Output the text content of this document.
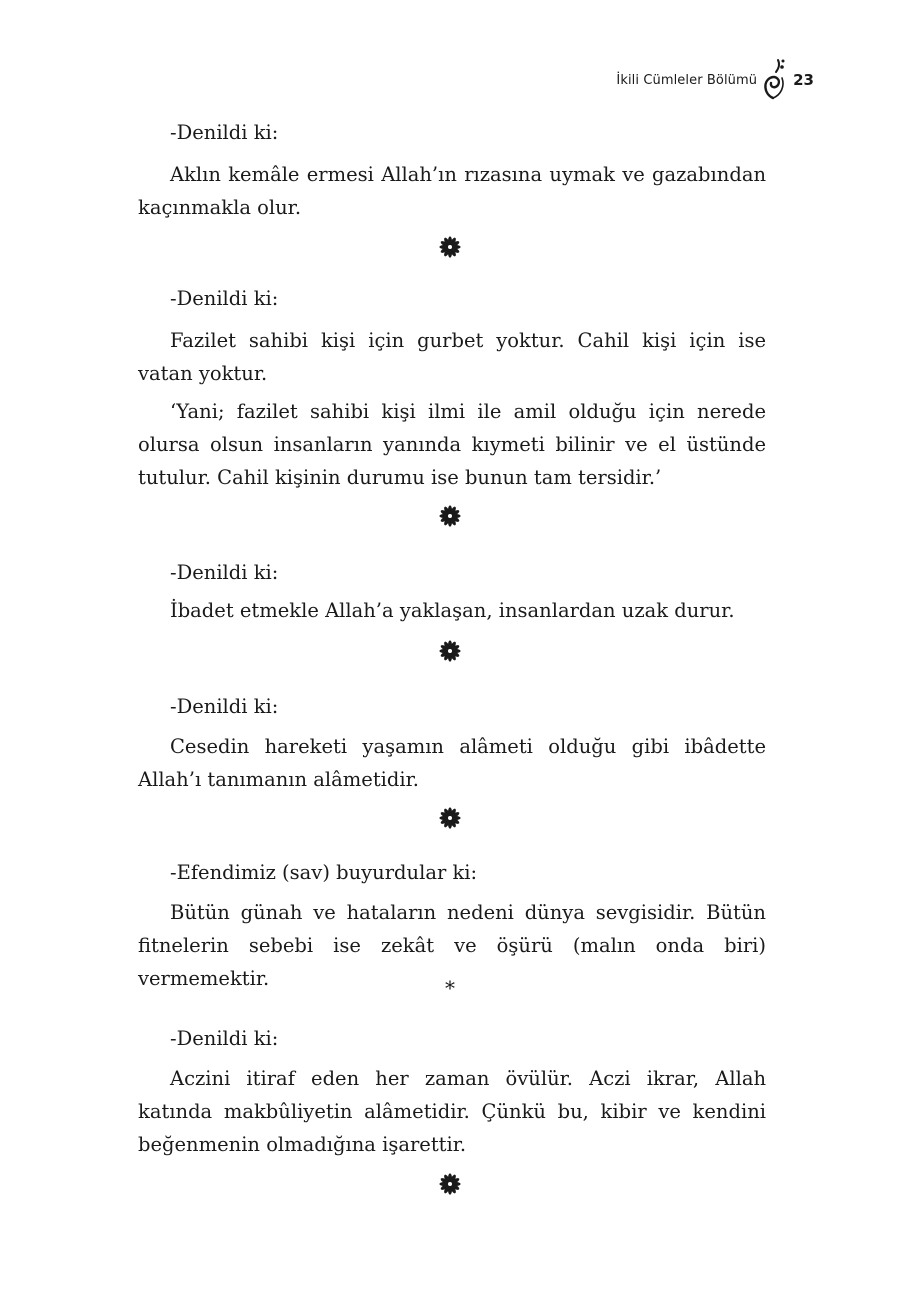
İkili Cümleler Bölümü 23
-Denildi ki:

Aklın kemâle ermesi Allah’ın rızasına uymak ve gazabından kaçınmakla olur.

-Denildi ki:

Fazilet sahibi kişi için gurbet yoktur. Cahil kişi için ise vatan yoktur.

‘Yani; fazilet sahibi kişi ilmi ile amil olduğu için nerede olursa olsun insanların yanında kıymeti bilinir ve el üstünde tutulur. Cahil kişinin durumu ise bunun tam tersidir.’

-Denildi ki:

İbadet etmekle Allah’a yaklaşan, insanlardan uzak durur.

-Denildi ki:

Cesedin hareketi yaşamın alâmeti olduğu gibi ibâdette Allah’ı tanımanın alâmetidir.

-Efendimiz (sav) buyurdular ki:

Bütün günah ve hataların nedeni dünya sevgisidir. Bütün fitnelerin sebebi ise zekât ve öşürü (malın onda biri) vermemektir.	*
-Denildi ki:

Aczini itiraf eden her zaman övülür. Aczi ikrar, Allah katında makbûliyetin alâmetidir. Çünkü bu, kibir ve kendini beğenmenin olmadığına işarettir.
